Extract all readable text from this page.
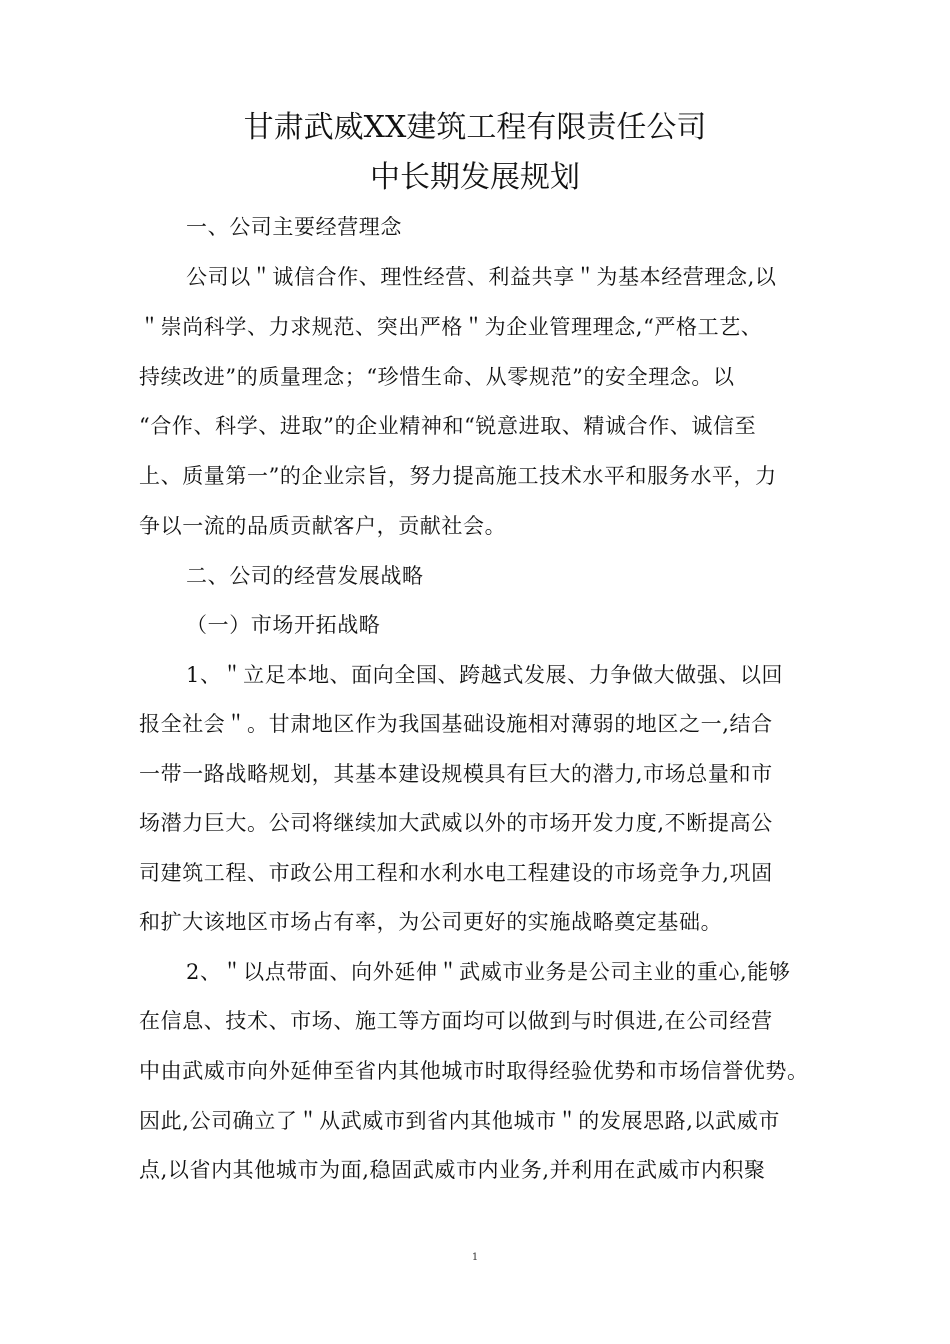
甘肃武威XX建筑工程有限责任公司
中长期发展规划
一、公司主要经营理念
公司以＂诚信合作、理性经营、利益共享＂为基本经营理念,以
＂崇尚科学、力求规范、突出严格＂为企业管理理念,“严格工艺、
持续改进”的质量理念；“珍惜生命、从零规范”的安全理念。以
“合作、科学、进取”的企业精神和“锐意进取、精诚合作、诚信至
上、质量第一”的企业宗旨，努力提高施工技术水平和服务水平，力
争以一流的品质贡献客户，贡献社会。
二、公司的经营发展战略
（一）市场开拓战略
1、＂立足本地、面向全国、跨越式发展、力争做大做强、以回
报全社会＂。甘肃地区作为我国基础设施相对薄弱的地区之一,结合
一带一路战略规划，其基本建设规模具有巨大的潜力,市场总量和市
场潜力巨大。公司将继续加大武威以外的市场开发力度,不断提高公
司建筑工程、市政公用工程和水利水电工程建设的市场竞争力,巩固
和扩大该地区市场占有率，为公司更好的实施战略奠定基础。
2、＂以点带面、向外延伸＂武威市业务是公司主业的重心,能够
在信息、技术、市场、施工等方面均可以做到与时俱进,在公司经营
中由武威市向外延伸至省内其他城市时取得经验优势和市场信誉优势。
因此,公司确立了＂从武威市到省内其他城市＂的发展思路,以武威市
点,以省内其他城市为面,稳固武威市内业务,并利用在武威市内积聚
1
